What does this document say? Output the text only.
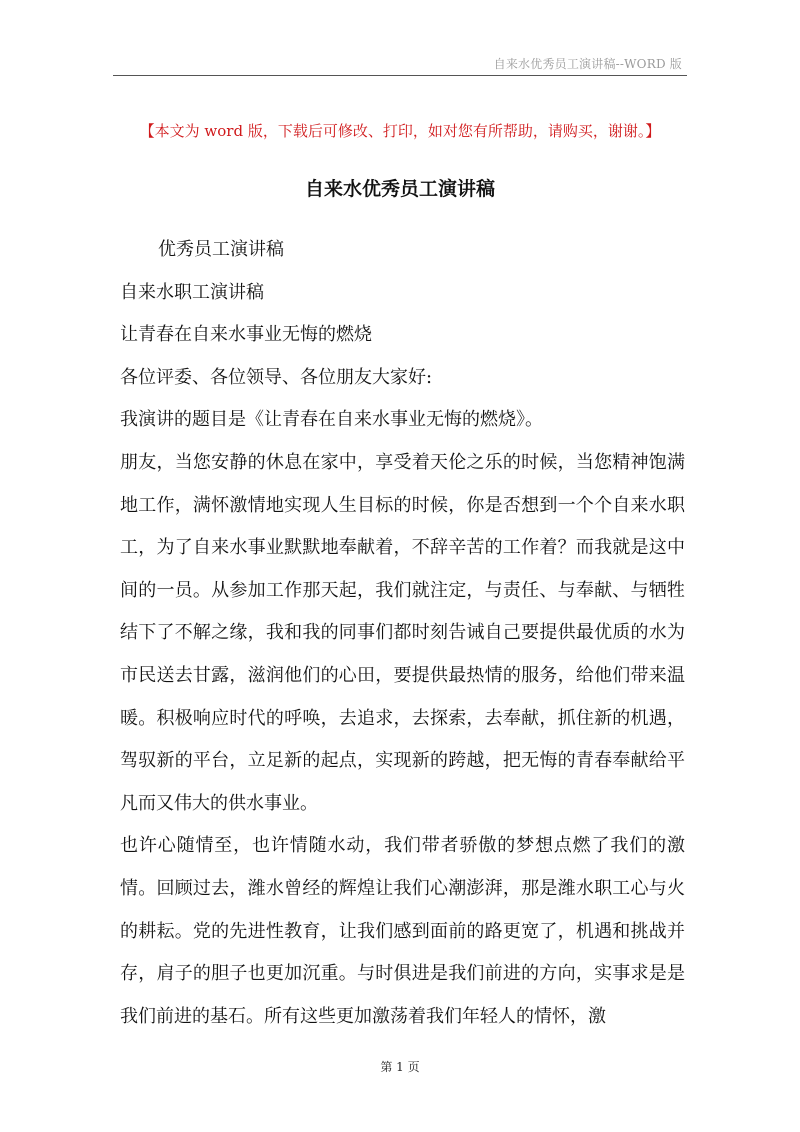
自来水优秀员工演讲稿--WORD 版
【本文为 word 版，下载后可修改、打印，如对您有所帮助，请购买，谢谢。】
自来水优秀员工演讲稿

优秀员工演讲稿

自来水职工演讲稿

让青春在自来水事业无悔的燃烧

各位评委、各位领导、各位朋友大家好:

我演讲的题目是《让青春在自来水事业无悔的燃烧》。

朋友，当您安静的休息在家中，享受着天伦之乐的时候，当您精神饱满地工作，满怀激情地实现人生目标的时候，你是否想到一个个自来水职工，为了自来水事业默默地奉献着，不辞辛苦的工作着？而我就是这中间的一员。从参加工作那天起，我们就注定，与责任、与奉献、与牺牲结下了不解之缘，我和我的同事们都时刻告诫自己要提供最优质的水为市民送去甘露，滋润他们的心田，要提供最热情的服务，给他们带来温暖。积极响应时代的呼唤，去追求，去探索，去奉献，抓住新的机遇，驾驭新的平台，立足新的起点，实现新的跨越，把无悔的青春奉献给平凡而又伟大的供水事业。

也许心随情至，也许情随水动，我们带者骄傲的梦想点燃了我们的激情。回顾过去，潍水曾经的辉煌让我们心潮澎湃，那是潍水职工心与火的耕耘。党的先进性教育，让我们感到面前的路更宽了，机遇和挑战并存，肩子的胆子也更加沉重。与时俱进是我们前进的方向，实事求是是我们前进的基石。所有这些更加激荡着我们年轻人的情怀，激

第 1 页
